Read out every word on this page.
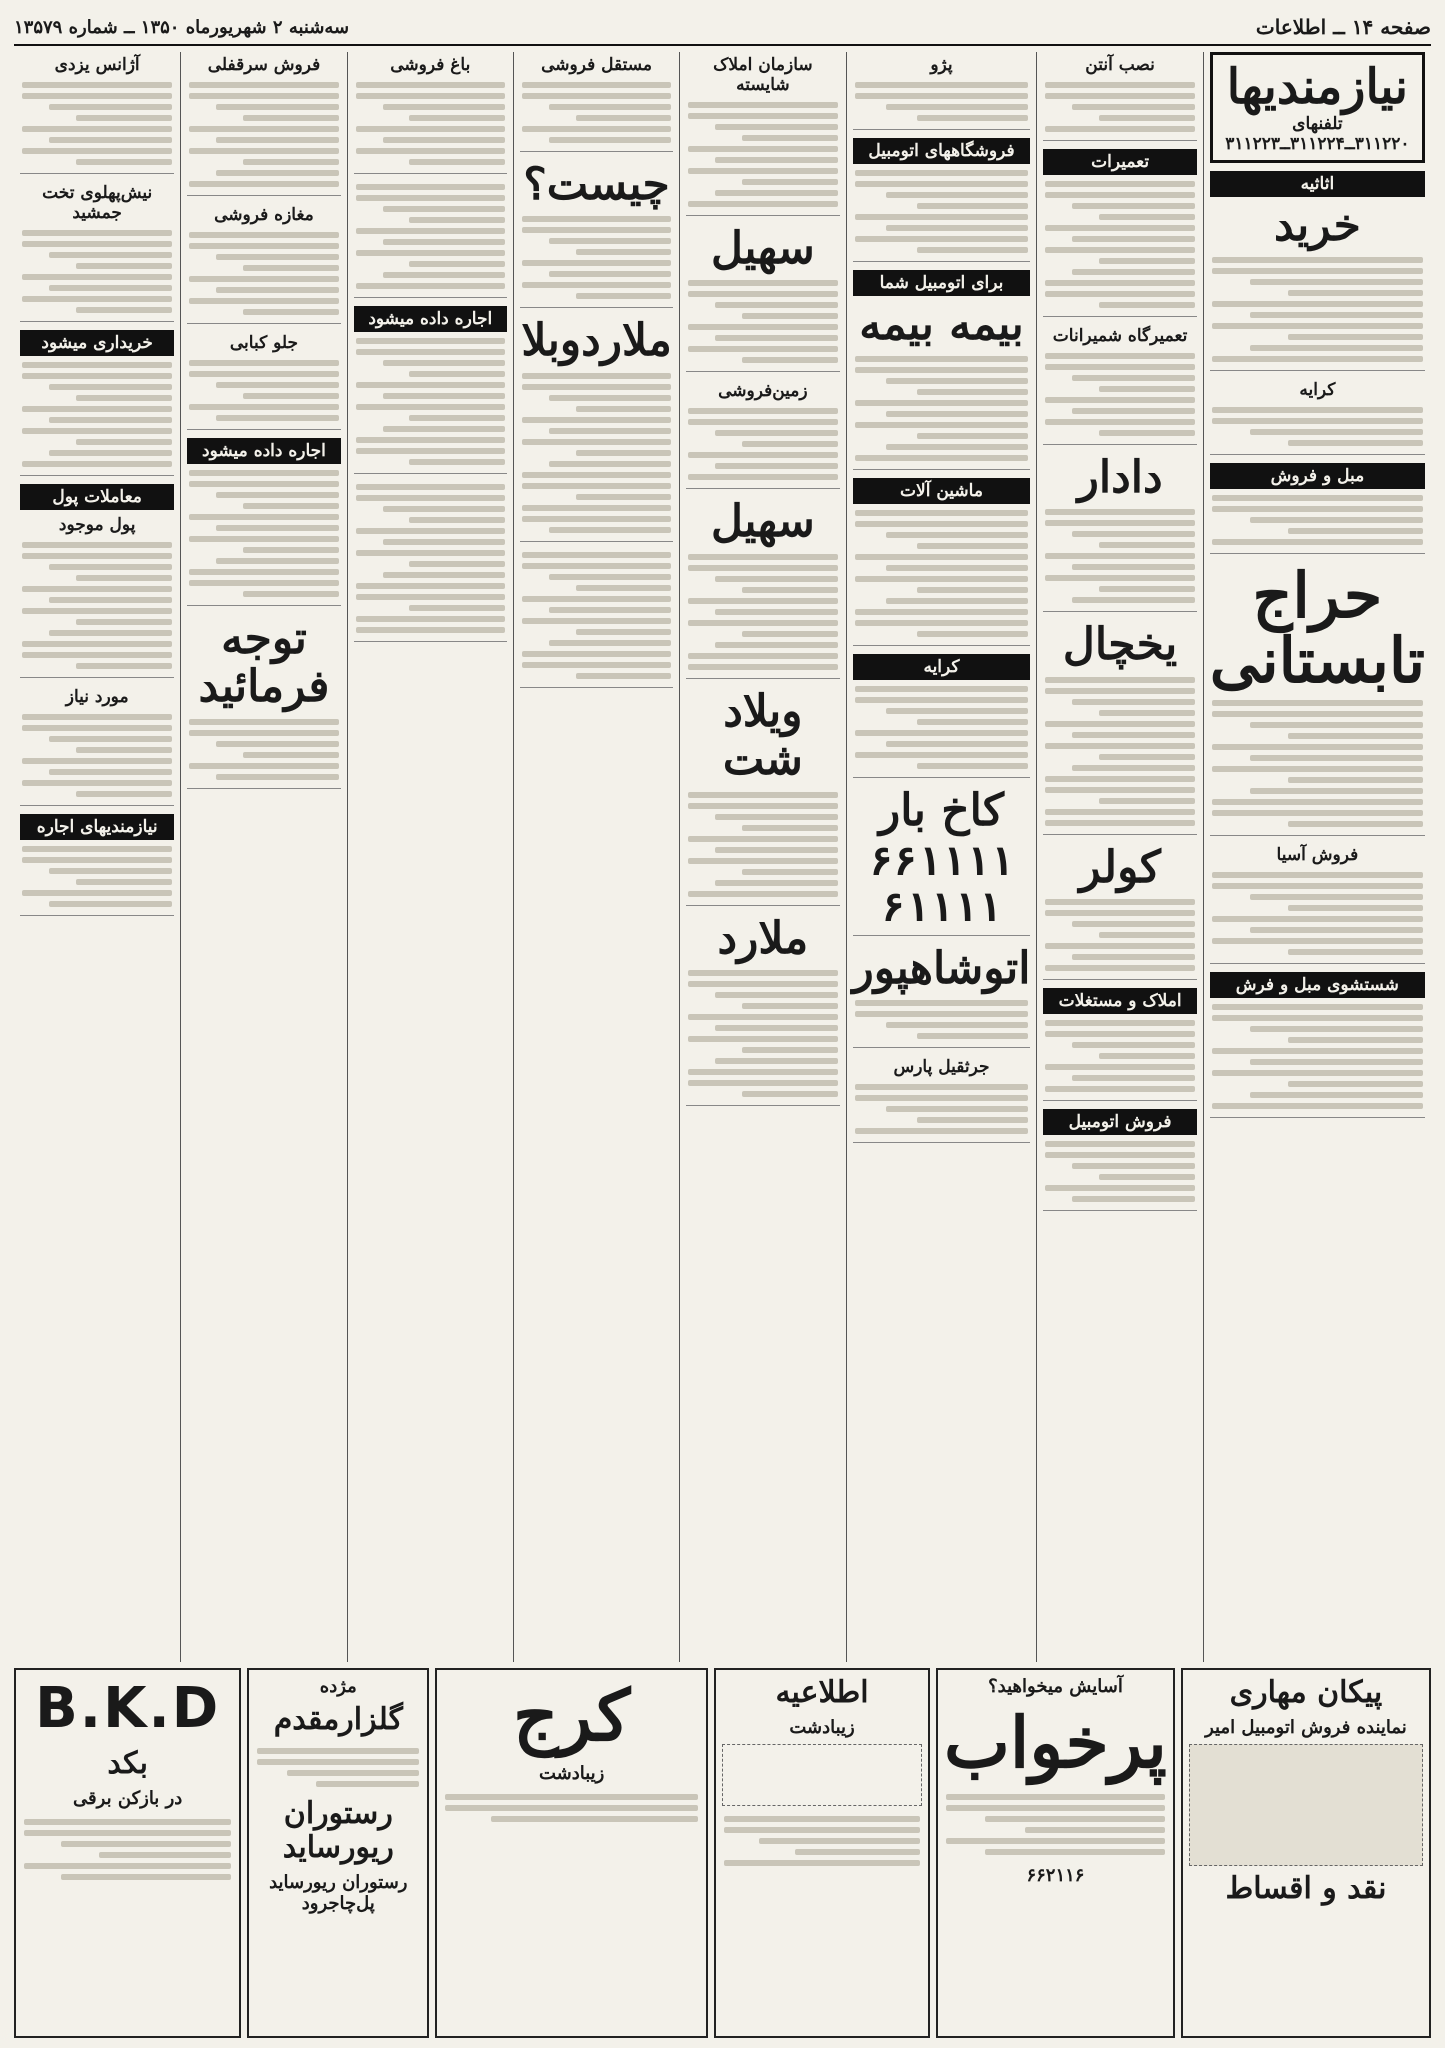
صفحه ۱۴ ــ اطلاعات
سه‌شنبه ۲ شهریورماه ۱۳۵۰ ــ شماره ۱۳۵۷۹
نیازمندیها
تلفنهای ۳۱۱۲۲۰ــ۳۱۱۲۲۴ــ۳۱۱۲۲۳
اثاثیه
خرید
کرایه
مبل و فروش
حراج تابستانی
فروش آسیا
شستشوی مبل و فرش
نصب آنتن
تعمیرات
تعمیرگاه شمیرانات
دادار
یخچال
کولر
املاک و مستغلات
فروش اتومبیل
پژو
فروشگاههای اتومبیل
برای اتومبیل شما
بیمه بیمه
ماشین آلات
کرایه
کاخ بار
۶۶۱۱۱۱ ۶۱۱۱۱
اتوشاهپور
جرثقیل پارس
سازمان املاک شایسته
سهیل
زمین‌فروشی
سهیل
ویلاد شت
ملارد
مستقل فروشی
چیست؟
ملاردوبلا
باغ فروشی
اجاره داده میشود
فروش سرقفلی
مغازه فروشی
جلو کبابی
اجاره داده میشود
توجه فرمائید
آژانس یزدی
نیش‌پهلوی تخت جمشید
خریداری میشود
معاملات پول
پول موجود
مورد نیاز
نیازمندیهای اجاره
پیکان مهاری
نماینده فروش اتومبیل امیر
نقد و اقساط
آسایش میخواهید؟
پرخواب
۶۶۲۱۱۶
اطلاعیه
زیبادشت
کرج
زیبادشت
مژده
گلزارمقدم
رستوران ریورساید
رستوران ریورساید پل‌چاجرود
B.K.D
بکد
در بازکن برقی
